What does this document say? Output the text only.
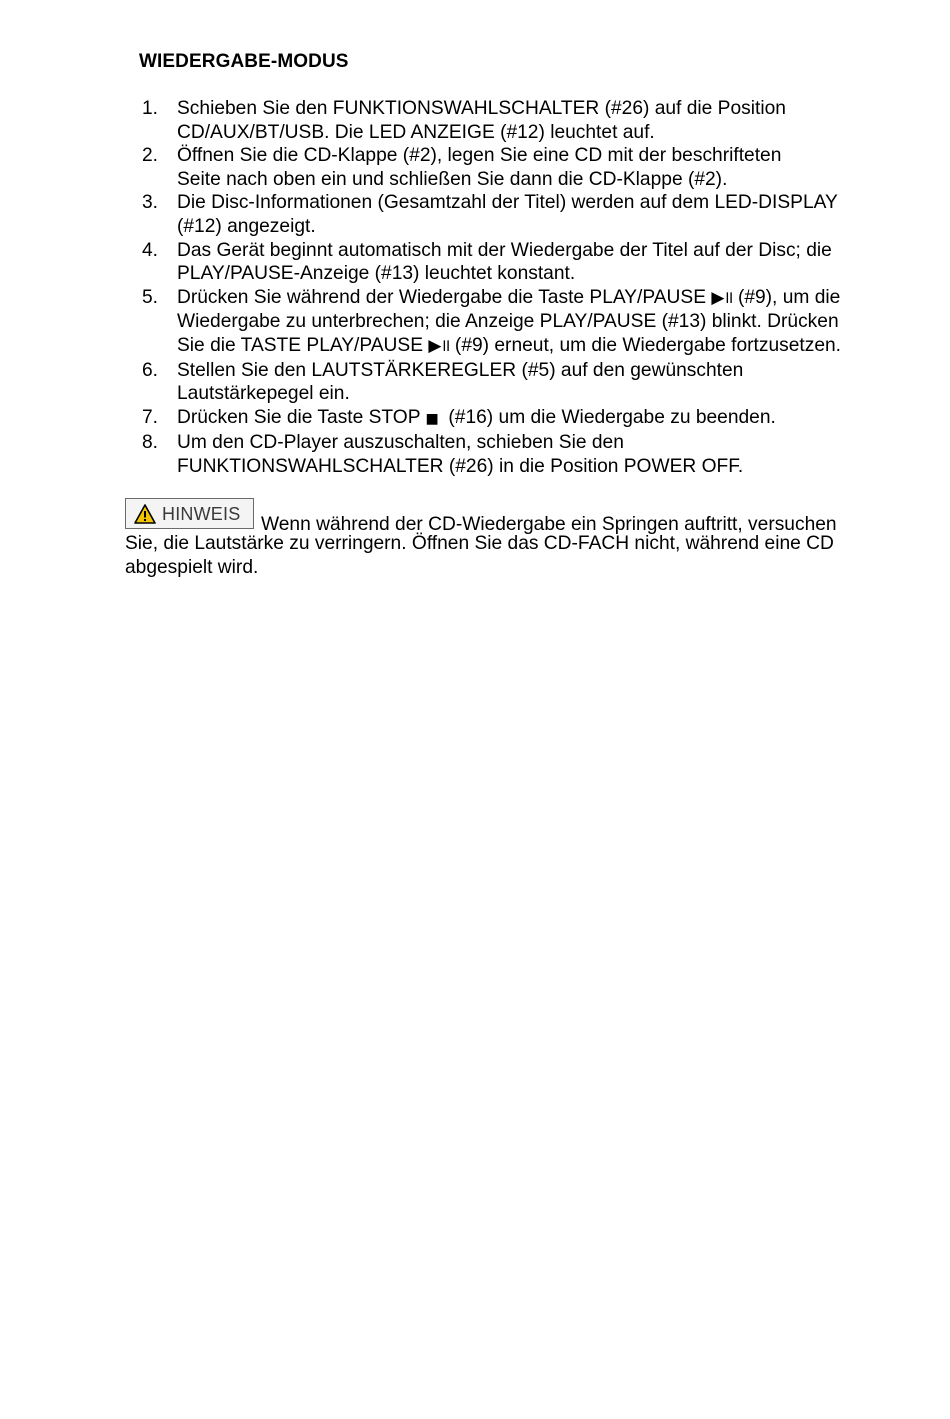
WIEDERGABE-MODUS
1. Schieben Sie den FUNKTIONSWAHLSCHALTER (#26) auf die Position
CD/AUX/BT/USB. Die LED ANZEIGE (#12) leuchtet auf.
2. Öffnen Sie die CD-Klappe (#2), legen Sie eine CD mit der beschrifteten
Seite nach oben ein und schließen Sie dann die CD-Klappe (#2).
3. Die Disc-Informationen (Gesamtzahl der Titel) werden auf dem LED-DISPLAY
(#12) angezeigt.
4. Das Gerät beginnt automatisch mit der Wiedergabe der Titel auf der Disc; die
PLAY/PAUSE-Anzeige (#13) leuchtet konstant.
5. Drücken Sie während der Wiedergabe die Taste PLAY/PAUSE ▶॥ (#9), um die
Wiedergabe zu unterbrechen; die Anzeige PLAY/PAUSE (#13) blinkt. Drücken
Sie die TASTE PLAY/PAUSE ▶॥ (#9) erneut, um die Wiedergabe fortzusetzen.
6. Stellen Sie den LAUTSTÄRKEREGLER (#5) auf den gewünschten
Lautstärkepegel ein.
7. Drücken Sie die Taste STOP ■  (#16) um die Wiedergabe zu beenden.
8. Um den CD-Player auszuschalten, schieben Sie den
FUNKTIONSWAHLSCHALTER (#26) in die Position POWER OFF.
HINWEIS Wenn während der CD-Wiedergabe ein Springen auftritt, versuchen
Sie, die Lautstärke zu verringern. Öffnen Sie das CD-FACH nicht, während eine CD
abgespielt wird.
